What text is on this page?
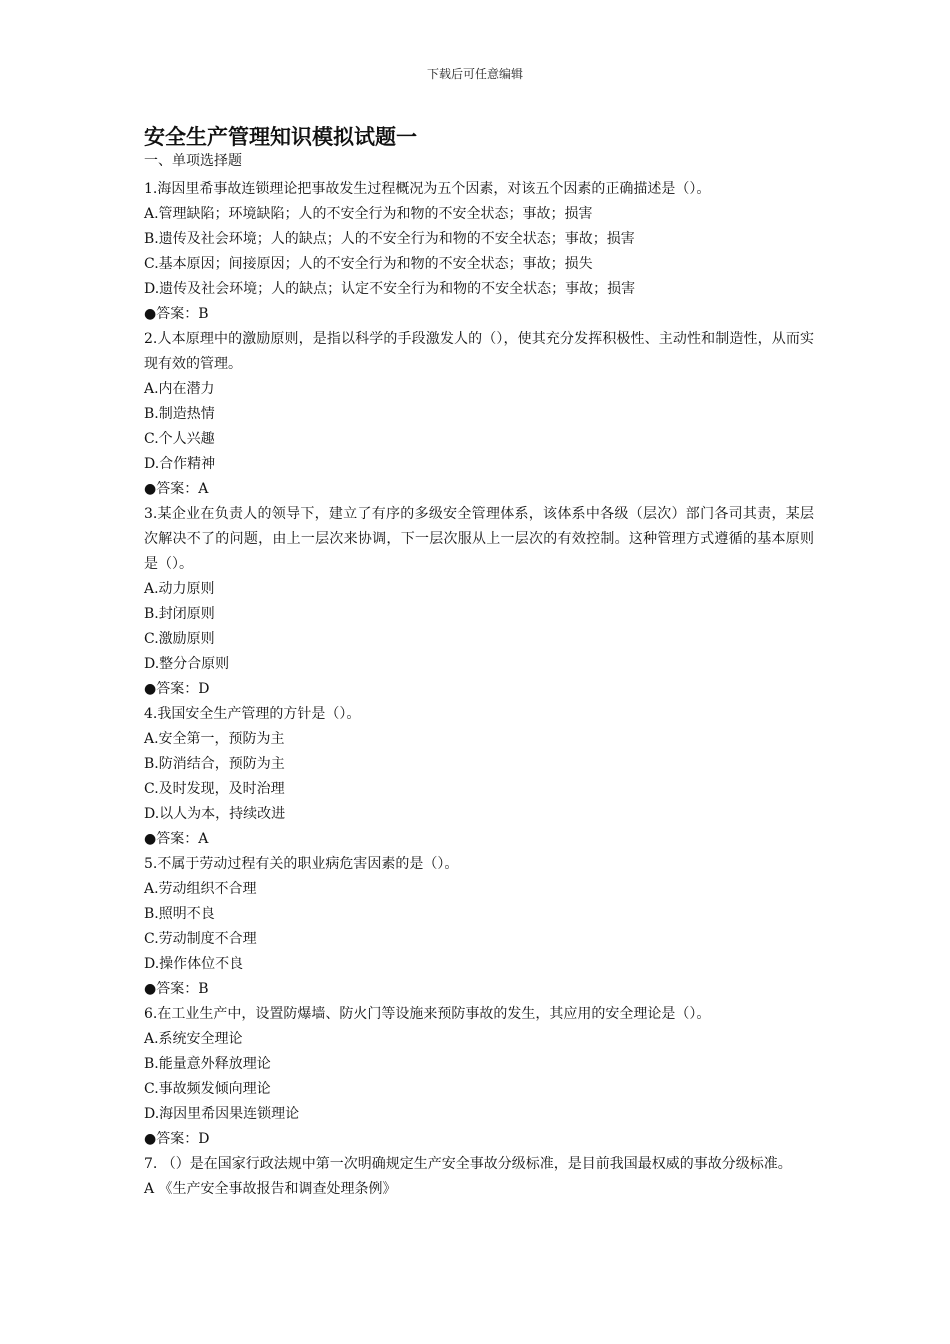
下载后可任意编辑
安全生产管理知识模拟试题一
一、单项选择题
1.海因里希事故连锁理论把事故发生过程概况为五个因素，对该五个因素的正确描述是（）。
A.管理缺陷；环境缺陷；人的不安全行为和物的不安全状态；事故；损害
B.遗传及社会环境；人的缺点；人的不安全行为和物的不安全状态；事故；损害
C.基本原因；间接原因；人的不安全行为和物的不安全状态；事故；损失
D.遗传及社会环境；人的缺点；认定不安全行为和物的不安全状态；事故；损害
●答案：B
2.人本原理中的激励原则，是指以科学的手段激发人的（），使其充分发挥积极性、主动性和制造性，从而实现有效的管理。
A.内在潜力
B.制造热情
C.个人兴趣
D.合作精神
●答案：A
3.某企业在负责人的领导下，建立了有序的多级安全管理体系，该体系中各级（层次）部门各司其责，某层次解决不了的问题，由上一层次来协调，下一层次服从上一层次的有效控制。这种管理方式遵循的基本原则是（）。
A.动力原则
B.封闭原则
C.激励原则
D.整分合原则
●答案：D
4.我国安全生产管理的方针是（）。
A.安全第一，预防为主
B.防消结合，预防为主
C.及时发现，及时治理
D.以人为本，持续改进
●答案：A
5.不属于劳动过程有关的职业病危害因素的是（）。
A.劳动组织不合理
B.照明不良
C.劳动制度不合理
D.操作体位不良
●答案：B
6.在工业生产中，设置防爆墙、防火门等设施来预防事故的发生，其应用的安全理论是（）。
A.系统安全理论
B.能量意外释放理论
C.事故频发倾向理论
D.海因里希因果连锁理论
●答案：D
7. （）是在国家行政法规中第一次明确规定生产安全事故分级标准，是目前我国最权威的事故分级标准。
A 《生产安全事故报告和调查处理条例》
